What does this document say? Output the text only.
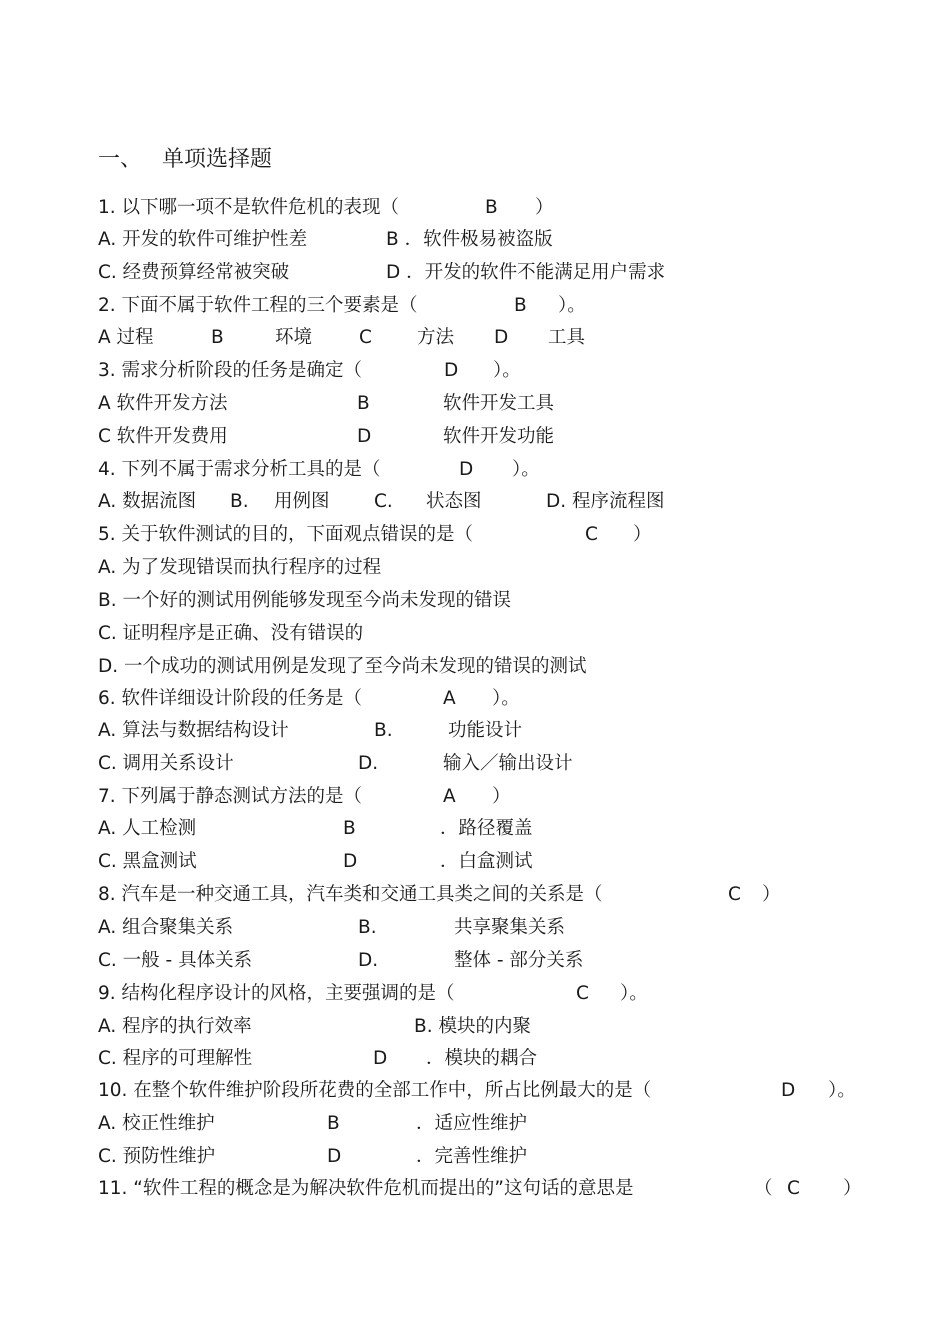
一、 单项选择题
1. 以下哪一项不是软件危机的表现（	B ）
A. 开发的软件可维护性差	B ．软件极易被盗版
C. 经费预算经常被突破	D ．开发的软件不能满足用户需求
2. 下面不属于软件工程的三个要素是（	B ）。
A 过程	B	环境	C 方法 D 工具
3. 需求分析阶段的任务是确定（	D ）。
A 软件开发方法	B	软件开发工具
C 软件开发费用	D	软件开发功能
4. 下列不属于需求分析工具的是（	D ）。
A. 数据流图 B. 用例图 C. 状态图	D. 程序流程图
5. 关于软件测试的目的，下面观点错误的是（	C ）
A. 为了发现错误而执行程序的过程
B. 一个好的测试用例能够发现至今尚未发现的错误
C. 证明程序是正确、没有错误的
D. 一个成功的测试用例是发现了至今尚未发现的错误的测试
6. 软件详细设计阶段的任务是（	A ）。
A. 算法与数据结构设计	B.	功能设计
C. 调用关系设计	D.	输入／输出设计
7. 下列属于静态测试方法的是（	A ）
A. 人工检测	B	．路径覆盖
C. 黑盒测试	D	．白盒测试
8. 汽车是一种交通工具，汽车类和交通工具类之间的关系是（	C ）
A. 组合聚集关系	B.	共享聚集关系
C. 一般 - 具体关系	D.	整体 - 部分关系
9. 结构化程序设计的风格，主要强调的是（	C ）。
A. 程序的执行效率	B. 模块的内聚
C. 程序的可理解性	D ．模块的耦合
10. 在整个软件维护阶段所花费的全部工作中，所占比例最大的是（	D ）。
A. 校正性维护	B	．适应性维护
C. 预防性维护	D	．完善性维护
11. “软件工程的概念是为解决软件危机而提出的”这句话的意思是	（ C ）
